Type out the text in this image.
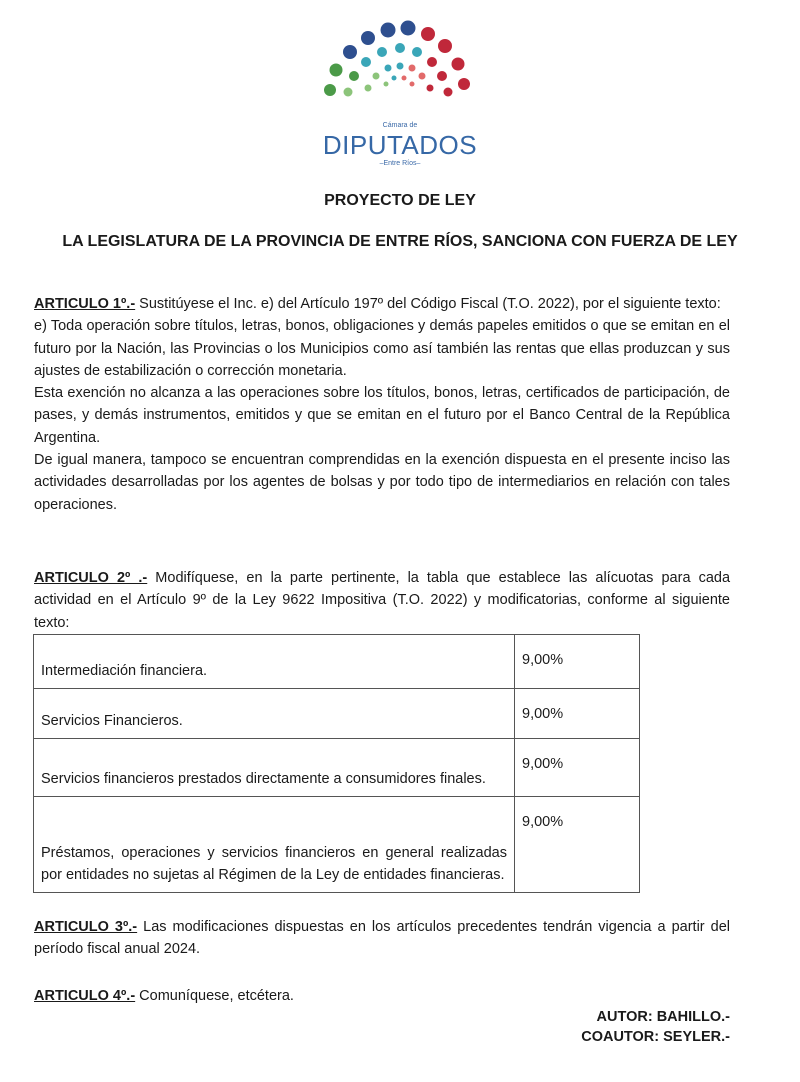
Cámara de
DIPUTADOS
–Entre Ríos–
PROYECTO DE LEY
LA LEGISLATURA DE LA PROVINCIA DE ENTRE RÍOS, SANCIONA CON FUERZA DE LEY

ARTICULO 1º.- Sustitúyese el Inc. e) del Artículo 197º del Código Fiscal (T.O. 2022), por el siguiente texto:

e) Toda operación sobre títulos, letras, bonos, obligaciones y demás papeles emitidos o que se emitan en el futuro por la Nación, las Provincias o los Municipios como así también las rentas que ellas produzcan y sus ajustes de estabilización o corrección monetaria.

Esta exención no alcanza a las operaciones sobre los títulos, bonos, letras, certificados de participación, de pases, y demás instrumentos, emitidos y que se emitan en el futuro por el Banco Central de la República Argentina.

De igual manera, tampoco se encuentran comprendidas en la exención dispuesta en el presente inciso las actividades desarrolladas por los agentes de bolsas y por todo tipo de intermediarios en relación con tales operaciones.

ARTICULO 2º .- Modifíquese, en la parte pertinente, la tabla que establece las alícuotas para cada actividad en el Artículo 9º de la Ley 9622 Impositiva (T.O. 2022) y modificatorias, conforme al siguiente texto:

Intermediación financiera.	9,00%
Servicios Financieros.	9,00%
Servicios financieros prestados directamente a consumidores finales.	9,00%
Préstamos, operaciones y servicios financieros en general realizadas por entidades no sujetas al Régimen de la Ley de entidades financieras.	9,00%

ARTICULO 3º.- Las modificaciones dispuestas en los artículos precedentes tendrán vigencia a partir del período fiscal anual 2024.

ARTICULO 4º.- Comuníquese, etcétera.

AUTOR: BAHILLO.-
COAUTOR: SEYLER.-
